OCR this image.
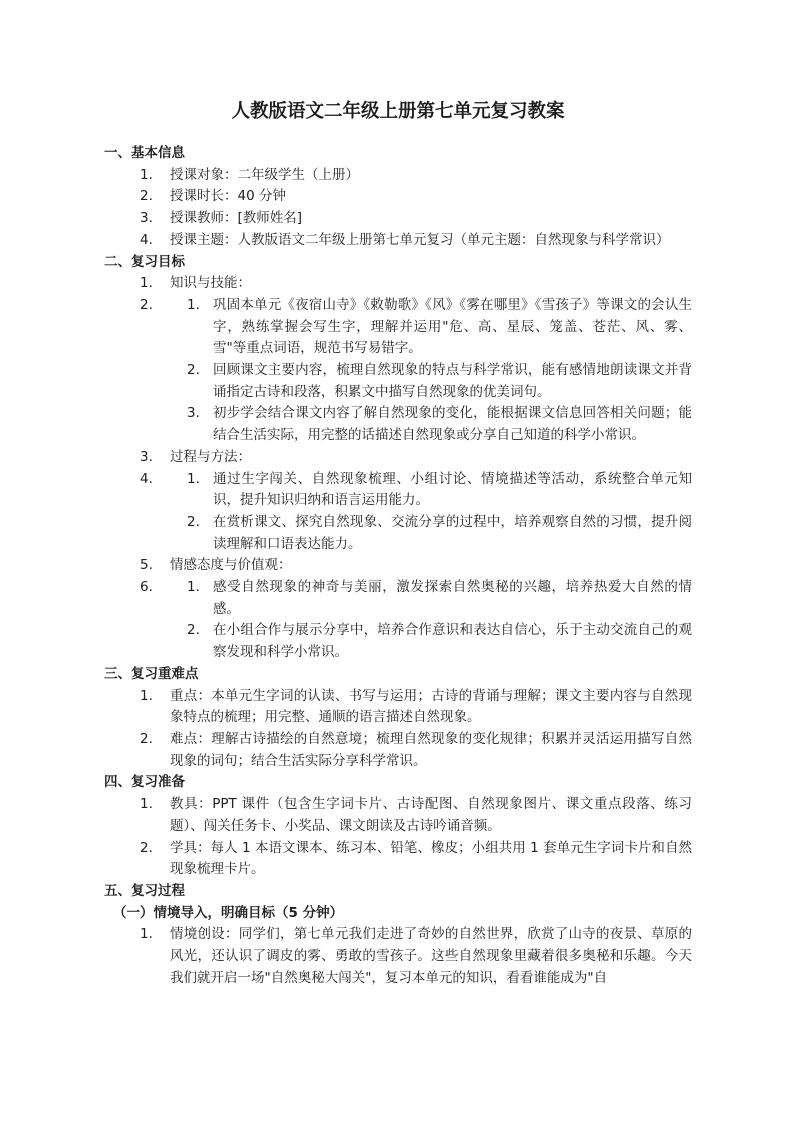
人教版语文二年级上册第七单元复习教案
一、基本信息
1. 授课对象：二年级学生（上册）
2. 授课时长：40 分钟
3. 授课教师：[教师姓名]
4. 授课主题：人教版语文二年级上册第七单元复习（单元主题：自然现象与科学常识）
二、复习目标
1. 知识与技能：
2.	1. 巩固本单元《夜宿山寺》《敕勒歌》《风》《雾在哪里》《雪孩子》等课文的会认生字，熟练掌握会写生字，理解并运用"危、高、星辰、笼盖、苍茫、风、雾、雪"等重点词语，规范书写易错字。
2. 回顾课文主要内容，梳理自然现象的特点与科学常识，能有感情地朗读课文并背诵指定古诗和段落，积累文中描写自然现象的优美词句。
3. 初步学会结合课文内容了解自然现象的变化，能根据课文信息回答相关问题；能结合生活实际，用完整的话描述自然现象或分享自己知道的科学小常识。
3. 过程与方法：
4.	1. 通过生字闯关、自然现象梳理、小组讨论、情境描述等活动，系统整合单元知识，提升知识归纳和语言运用能力。
2. 在赏析课文、探究自然现象、交流分享的过程中，培养观察自然的习惯，提升阅读理解和口语表达能力。
5. 情感态度与价值观：
6.	1. 感受自然现象的神奇与美丽，激发探索自然奥秘的兴趣，培养热爱大自然的情感。
2. 在小组合作与展示分享中，培养合作意识和表达自信心，乐于主动交流自己的观察发现和科学小常识。
三、复习重难点
1. 重点：本单元生字词的认读、书写与运用；古诗的背诵与理解；课文主要内容与自然现象特点的梳理；用完整、通顺的语言描述自然现象。
2. 难点：理解古诗描绘的自然意境；梳理自然现象的变化规律；积累并灵活运用描写自然现象的词句；结合生活实际分享科学常识。
四、复习准备
1. 教具：PPT 课件（包含生字词卡片、古诗配图、自然现象图片、课文重点段落、练习题）、闯关任务卡、小奖品、课文朗读及古诗吟诵音频。
2. 学具：每人 1 本语文课本、练习本、铅笔、橡皮；小组共用 1 套单元生字词卡片和自然现象梳理卡片。
五、复习过程
（一）情境导入，明确目标（5 分钟）
1. 情境创设：同学们，第七单元我们走进了奇妙的自然世界，欣赏了山寺的夜景、草原的风光，还认识了调皮的雾、勇敢的雪孩子。这些自然现象里藏着很多奥秘和乐趣。今天我们就开启一场"自然奥秘大闯关"，复习本单元的知识，看看谁能成为"自
